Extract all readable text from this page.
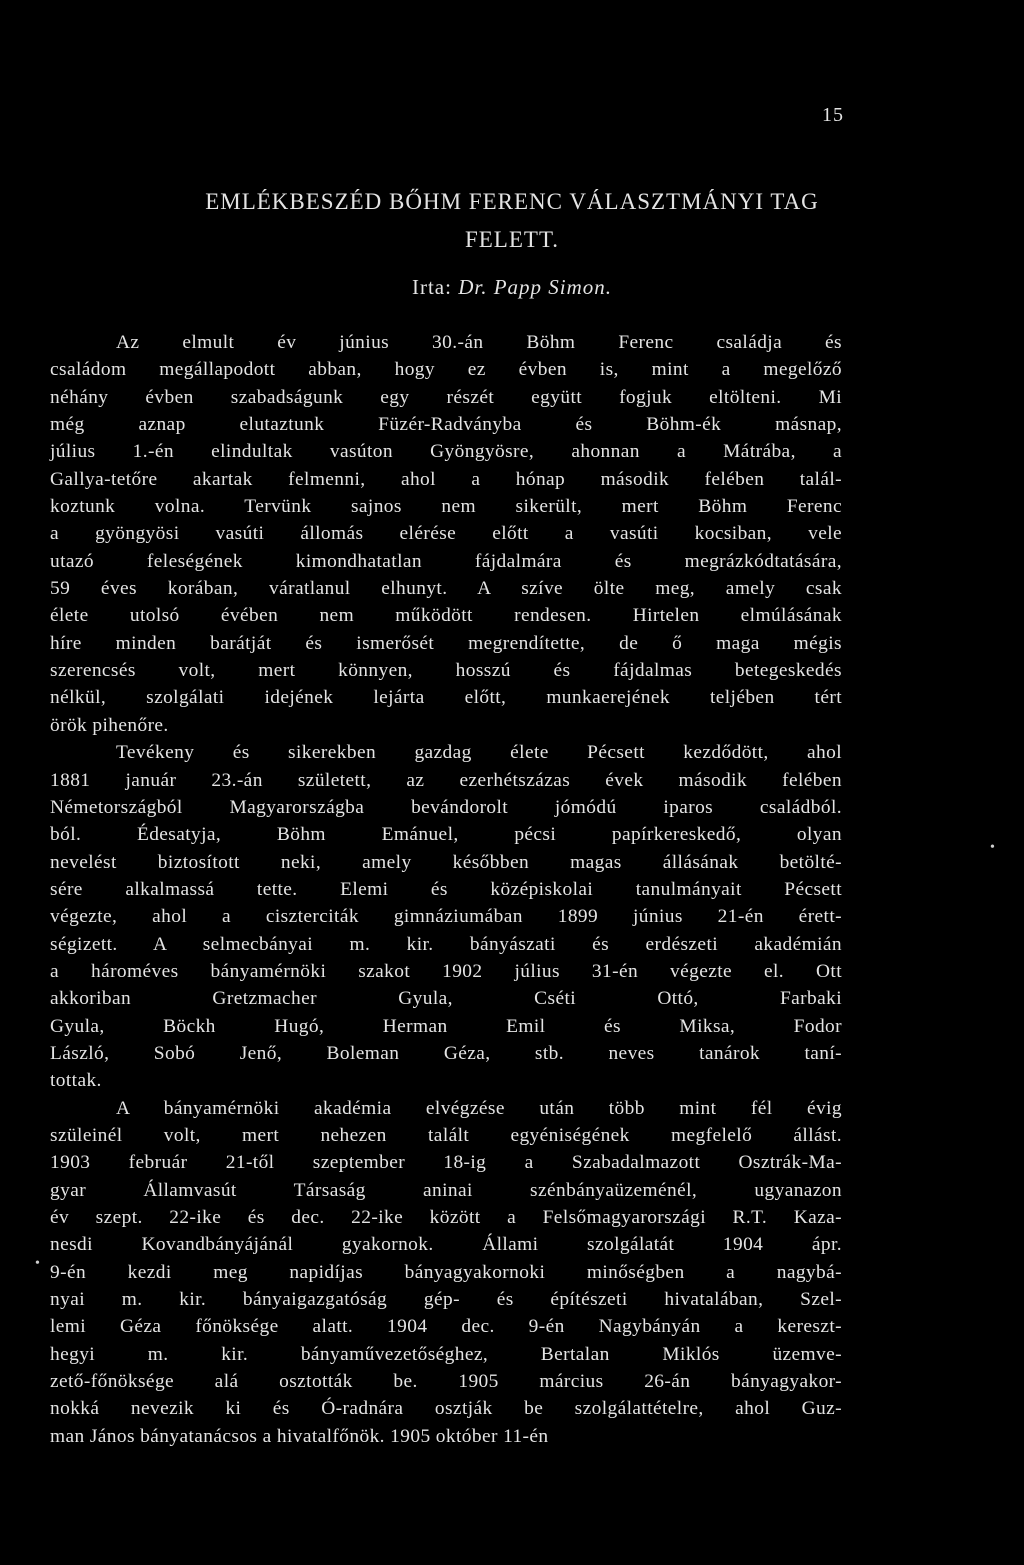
15
EMLÉKBESZÉD BŐHM FERENC VÁLASZTMÁNYI TAG
FELETT.
Irta: Dr. Papp Simon.
Az elmult év június 30.-án Böhm Ferenc családja és
családom megállapodott abban, hogy ez évben is, mint a megelőző
néhány évben szabadságunk egy részét együtt fogjuk eltölteni. Mi
még aznap elutaztunk Füzér-Radványba és Böhm-ék másnap,
július 1.-én elindultak vasúton Gyöngyösre, ahonnan a Mátrába, a
Gallya-tetőre akartak felmenni, ahol a hónap második felében talál-
koztunk volna. Tervünk sajnos nem sikerült, mert Böhm Ferenc
a gyöngyösi vasúti állomás elérése előtt a vasúti kocsiban, vele
utazó feleségének kimondhatatlan fájdalmára és megrázkódtatására,
59 éves korában, váratlanul elhunyt. A szíve ölte meg, amely csak
élete utolsó évében nem működött rendesen. Hirtelen elmúlásának
híre minden barátját és ismerősét megrendítette, de ő maga mégis
szerencsés volt, mert könnyen, hosszú és fájdalmas betegeskedés
nélkül, szolgálati idejének lejárta előtt, munkaerejének teljében tért
örök pihenőre.
Tevékeny és sikerekben gazdag élete Pécsett kezdődött, ahol
1881 január 23.-án született, az ezerhétszázas évek második felében
Németországból Magyarországba bevándorolt jómódú iparos családból.
ból. Édesatyja, Böhm Emánuel, pécsi papírkereskedő, olyan
nevelést biztosított neki, amely későbben magas állásának betölté-
sére alkalmassá tette. Elemi és középiskolai tanulmányait Pécsett
végezte, ahol a ciszterciták gimnáziumában 1899 június 21-én érett-
ségizett. A selmecbányai m. kir. bányászati és erdészeti akadémián
a hároméves bányamérnöki szakot 1902 július 31-én végezte el. Ott
akkoriban Gretzmacher Gyula, Cséti Ottó, Farbaki
Gyula, Böckh Hugó, Herman Emil és Miksa, Fodor
László, Sobó Jenő, Boleman Géza, stb. neves tanárok taní-
tottak.
A bányamérnöki akadémia elvégzése után több mint fél évig
szüleinél volt, mert nehezen talált egyéniségének megfelelő állást.
1903 február 21-től szeptember 18-ig a Szabadalmazott Osztrák-Ma-
gyar Államvasút Társaság aninai szénbányaüzeménél, ugyanazon
év szept. 22-ike és dec. 22-ike között a Felsőmagyarországi R.T. Kaza-
nesdi Kovandbányájánál gyakornok. Állami szolgálatát 1904 ápr.
9-én kezdi meg napidíjas bányagyakornoki minőségben a nagybá-
nyai m. kir. bányaigazgatóság gép- és építészeti hivatalában, Szel-
lemi Géza főnöksége alatt. 1904 dec. 9-én Nagybányán a kereszt-
hegyi m. kir. bányaművezetőséghez, Bertalan Miklós üzemve-
zető-főnöksége alá osztották be. 1905 március 26-án bányagyakor-
nokká nevezik ki és Ó-radnára osztják be szolgálattételre, ahol Guz-
man János bányatanácsos a hivatalfőnök. 1905 október 11-én
•
•
